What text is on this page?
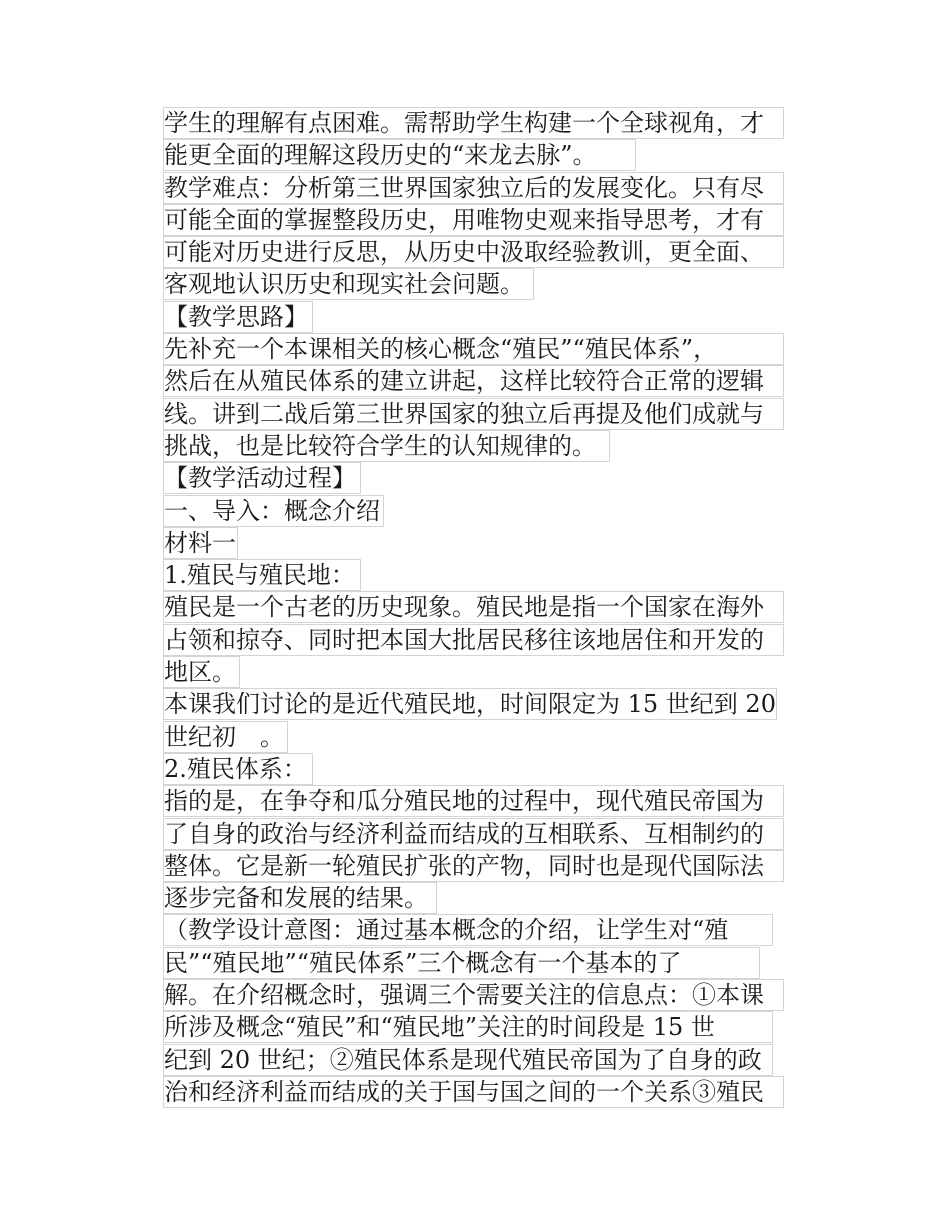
学生的理解有点困难。需帮助学生构建一个全球视角，才
能更全面的理解这段历史的“来龙去脉”。
教学难点：分析第三世界国家独立后的发展变化。只有尽
可能全面的掌握整段历史，用唯物史观来指导思考，才有
可能对历史进行反思，从历史中汲取经验教训，更全面、
客观地认识历史和现实社会问题。
【教学思路】
先补充一个本课相关的核心概念“殖民”“殖民体系”，
然后在从殖民体系的建立讲起，这样比较符合正常的逻辑
线。讲到二战后第三世界国家的独立后再提及他们成就与
挑战，也是比较符合学生的认知规律的。
【教学活动过程】
一、导入：概念介绍
材料一
1.殖民与殖民地：
殖民是一个古老的历史现象。殖民地是指一个国家在海外
占领和掠夺、同时把本国大批居民移往该地居住和开发的
地区。
本课我们讨论的是近代殖民地，时间限定为 15 世纪到 20
世纪初　。
2.殖民体系：
指的是，在争夺和瓜分殖民地的过程中，现代殖民帝国为
了自身的政治与经济利益而结成的互相联系、互相制约的
整体。它是新一轮殖民扩张的产物，同时也是现代国际法
逐步完备和发展的结果。
（教学设计意图：通过基本概念的介绍，让学生对“殖
民”“殖民地”“殖民体系”三个概念有一个基本的了
解。在介绍概念时，强调三个需要关注的信息点：①本课
所涉及概念“殖民”和“殖民地”关注的时间段是 15 世
纪到 20 世纪；②殖民体系是现代殖民帝国为了自身的政
治和经济利益而结成的关于国与国之间的一个关系③殖民
